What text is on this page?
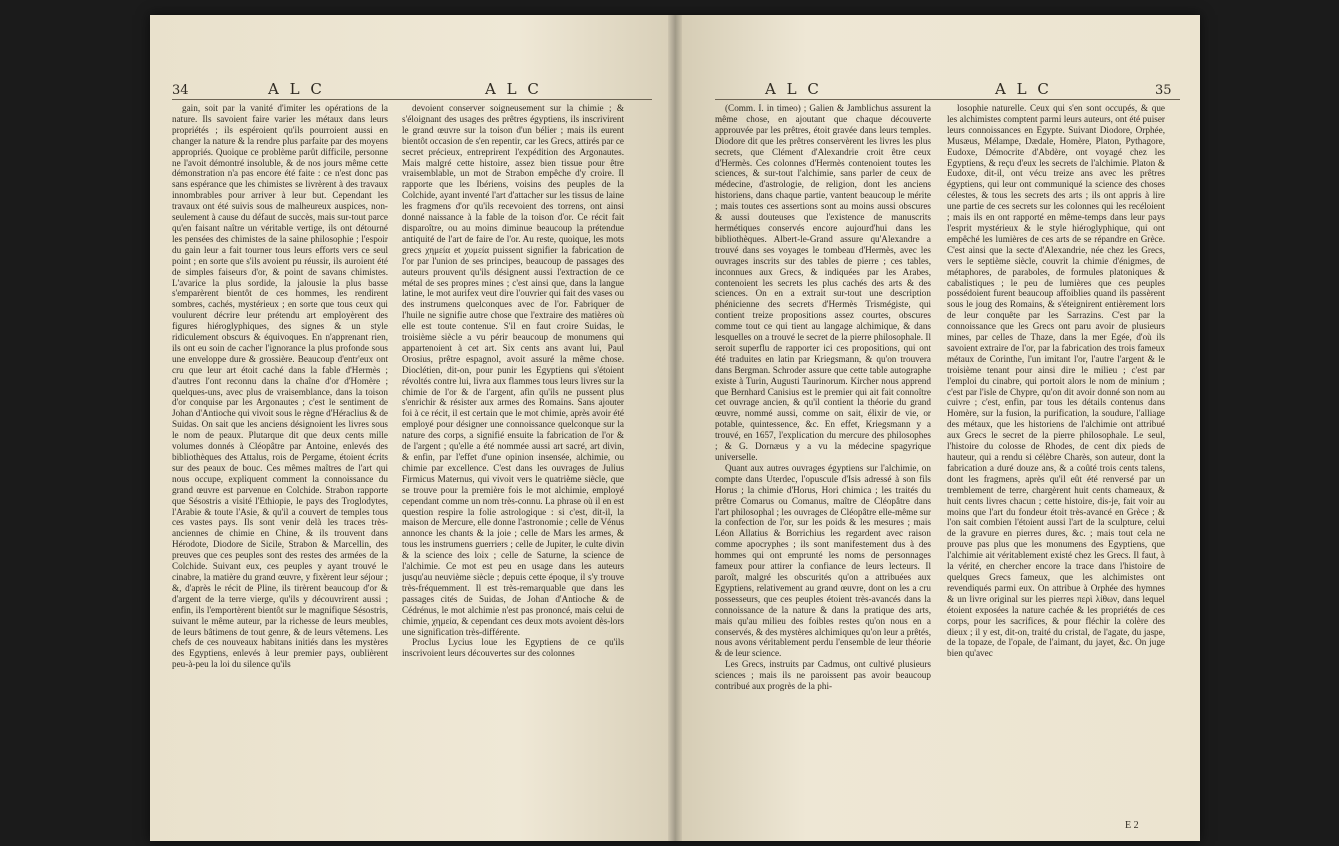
34	A L C	A L C

gain, soit par la vanité d'imiter les opérations de la nature. Ils savoient faire varier les métaux dans leurs propriétés ; ils espéroient qu'ils pourroient aussi en changer la nature & la rendre plus parfaite par des moyens appropriés. Quoique ce problème parût difficile, personne ne l'avoit démontré insoluble, & de nos jours même cette démonstration n'a pas encore été faite : ce n'est donc pas sans espérance que les chimistes se livrèrent à des travaux innombrables pour arriver à leur but. Cependant les travaux ont été suivis sous de malheureux auspices, non-seulement à cause du défaut de succès, mais sur-tout parce qu'en faisant naître un véritable vertige, ils ont détourné les pensées des chimistes de la saine philosophie ; l'espoir du gain leur a fait tourner tous leurs efforts vers ce seul point ; en sorte que s'ils avoient pu réussir, ils auroient été de simples faiseurs d'or, & point de savans chimistes. L'avarice la plus sordide, la jalousie la plus basse s'emparèrent bientôt de ces hommes, les rendirent sombres, cachés, mystérieux ; en sorte que tous ceux qui voulurent décrire leur prétendu art employèrent des figures hiéroglyphiques, des signes & un style ridiculement obscurs & équivoques. En n'apprenant rien, ils ont eu soin de cacher l'ignorance la plus profonde sous une enveloppe dure & grossière. Beaucoup d'entr'eux ont cru que leur art étoit caché dans la fable d'Hermès ; d'autres l'ont reconnu dans la chaîne d'or d'Homère ; quelques-uns, avec plus de vraisemblance, dans la toison d'or conquise par les Argonautes ; c'est le sentiment de Johan d'Antioche qui vivoit sous le règne d'Héraclius & de Suidas. On sait que les anciens désignoient les livres sous le nom de peaux. Plutarque dit que deux cents mille volumes donnés à Cléopâtre par Antoine, enlevés des bibliothèques des Attalus, rois de Pergame, étoient écrits sur des peaux de bouc. Ces mêmes maîtres de l'art qui nous occupe, expliquent comment la connoissance du grand œuvre est parvenue en Colchide. Strabon rapporte que Sésostris a visité l'Ethiopie, le pays des Troglodytes, l'Arabie & toute l'Asie, & qu'il a couvert de temples tous ces vastes pays. Ils sont venir delà les traces très-anciennes de chimie en Chine, & ils trouvent dans Hérodote, Diodore de Sicile, Strabon & Marcellin, des preuves que ces peuples sont des restes des armées de la Colchide. Suivant eux, ces peuples y ayant trouvé le cinabre, la matière du grand œuvre, y fixèrent leur séjour ; &, d'après le récit de Pline, ils tirèrent beaucoup d'or & d'argent de la terre vierge, qu'ils y découvrirent aussi ; enfin, ils l'emportèrent bientôt sur le magnifique Sésostris, suivant le même auteur, par la richesse de leurs meubles, de leurs bâtimens de tout genre, & de leurs vêtemens. Les chefs de ces nouveaux habitans initiés dans les mystères des Egyptiens, enlevés à leur premier pays, oublièrent peu-à-peu la loi du silence qu'ils

devoient conserver soigneusement sur la chimie ; & s'éloignant des usages des prêtres égyptiens, ils inscrivirent le grand œuvre sur la toison d'un bélier ; mais ils eurent bientôt occasion de s'en repentir, car les Grecs, attirés par ce secret précieux, entreprirent l'expédition des Argonautes. Mais malgré cette histoire, assez bien tissue pour être vraisemblable, un mot de Strabon empêche d'y croire. Il rapporte que les Ibériens, voisins des peuples de la Colchide, ayant inventé l'art d'attacher sur les tissus de laine les fragmens d'or qu'ils recevoient des torrens, ont ainsi donné naissance à la fable de la toison d'or. Ce récit fait disparoître, ou au moins diminue beaucoup la prétendue antiquité de l'art de faire de l'or. Au reste, quoique, les mots grecs χημεία et χυμεία puissent signifier la fabrication de l'or par l'union de ses principes, beaucoup de passages des auteurs prouvent qu'ils désignent aussi l'extraction de ce métal de ses propres mines ; c'est ainsi que, dans la langue latine, le mot aurifex veut dire l'ouvrier qui fait des vases ou des instrumens quelconques avec de l'or. Fabriquer de l'huile ne signifie autre chose que l'extraire des matières où elle est toute contenue. S'il en faut croire Suidas, le troisième siècle a vu périr beaucoup de monumens qui appartenoient à cet art. Six cents ans avant lui, Paul Orosius, prêtre espagnol, avoit assuré la même chose. Dioclétien, dit-on, pour punir les Egyptiens qui s'étoient révoltés contre lui, livra aux flammes tous leurs livres sur la chimie de l'or & de l'argent, afin qu'ils ne pussent plus s'enrichir & résister aux armes des Romains. Sans ajouter foi à ce récit, il est certain que le mot chimie, après avoir été employé pour désigner une connoissance quelconque sur la nature des corps, a signifié ensuite la fabrication de l'or & de l'argent ; qu'elle a été nommée aussi art sacré, art divin, & enfin, par l'effet d'une opinion insensée, alchimie, ou chimie par excellence. C'est dans les ouvrages de Julius Firmicus Maternus, qui vivoit vers le quatrième siècle, que se trouve pour la première fois le mot alchimie, employé cependant comme un nom très-connu. La phrase où il en est question respire la folie astrologique : si c'est, dit-il, la maison de Mercure, elle donne l'astronomie ; celle de Vénus annonce les chants & la joie ; celle de Mars les armes, & tous les instrumens guerriers ; celle de Jupiter, le culte divin & la science des loix ; celle de Saturne, la science de l'alchimie. Ce mot est peu en usage dans les auteurs jusqu'au neuvième siècle ; depuis cette époque, il s'y trouve très-fréquemment. Il est très-remarquable que dans les passages cités de Suidas, de Johan d'Antioche & de Cédrénus, le mot alchimie n'est pas prononcé, mais celui de chimie, χημεία, & cependant ces deux mots avoient dès-lors une signification très-différente.

Proclus Lycius loue les Egyptiens de ce qu'ils inscrivoient leurs découvertes sur des colonnes

A L C	A L C	35

(Comm. I. in timeo) ; Galien & Jamblichus assurent la même chose, en ajoutant que chaque découverte approuvée par les prêtres, étoit gravée dans leurs temples. Diodore dit que les prêtres conservèrent les livres les plus secrets, que Clément d'Alexandrie croit être ceux d'Hermès. Ces colonnes d'Hermès contenoient toutes les sciences, & sur-tout l'alchimie, sans parler de ceux de médecine, d'astrologie, de religion, dont les anciens historiens, dans chaque partie, vantent beaucoup le mérite ; mais toutes ces assertions sont au moins aussi obscures & aussi douteuses que l'existence de manuscrits hermétiques conservés encore aujourd'hui dans les bibliothèques. Albert-le-Grand assure qu'Alexandre a trouvé dans ses voyages le tombeau d'Hermès, avec les ouvrages inscrits sur des tables de pierre ; ces tables, inconnues aux Grecs, & indiquées par les Arabes, contenoient les secrets les plus cachés des arts & des sciences. On en a extrait sur-tout une description phénicienne des secrets d'Hermès Trismégiste, qui contient treize propositions assez courtes, obscures comme tout ce qui tient au langage alchimique, & dans lesquelles on a trouvé le secret de la pierre philosophale. Il seroit superflu de rapporter ici ces propositions, qui ont été traduites en latin par Kriegsmann, & qu'on trouvera dans Bergman. Schroder assure que cette table autographe existe à Turin, Augusti Taurinorum. Kircher nous apprend que Bernhard Canisius est le premier qui ait fait connoître cet ouvrage ancien, & qu'il contient la théorie du grand œuvre, nommé aussi, comme on sait, élixir de vie, or potable, quintessence, &c. En effet, Kriegsmann y a trouvé, en 1657, l'explication du mercure des philosophes ; & G. Dornæus y a vu la médecine spagyrique universelle.

Quant aux autres ouvrages égyptiens sur l'alchimie, on compte dans Uterdec, l'opuscule d'Isis adressé à son fils Horus ; la chimie d'Horus, Hori chimica ; les traités du prêtre Comarus ou Comanus, maître de Cléopâtre dans l'art philosophal ; les ouvrages de Cléopâtre elle-même sur la confection de l'or, sur les poids & les mesures ; mais Léon Allatius & Borrichius les regardent avec raison comme apocryphes ; ils sont manifestement dus à des hommes qui ont emprunté les noms de personnages fameux pour attirer la confiance de leurs lecteurs. Il paroît, malgré les obscurités qu'on a attribuées aux Egyptiens, relativement au grand œuvre, dont on les a cru possesseurs, que ces peuples étoient très-avancés dans la connoissance de la nature & dans la pratique des arts, mais qu'au milieu des foibles restes qu'on nous en a conservés, & des mystères alchimiques qu'on leur a prêtés, nous avons véritablement perdu l'ensemble de leur théorie & de leur science.

Les Grecs, instruits par Cadmus, ont cultivé plusieurs sciences ; mais ils ne paroissent pas avoir beaucoup contribué aux progrès de la phi-

losophie naturelle. Ceux qui s'en sont occupés, & que les alchimistes comptent parmi leurs auteurs, ont été puiser leurs connoissances en Egypte. Suivant Diodore, Orphée, Musæus, Mélampe, Dædale, Homère, Platon, Pythagore, Eudoxe, Démocrite d'Abdère, ont voyagé chez les Egyptiens, & reçu d'eux les secrets de l'alchimie. Platon & Eudoxe, dit-il, ont vécu treize ans avec les prêtres égyptiens, qui leur ont communiqué la science des choses célestes, & tous les secrets des arts ; ils ont appris à lire une partie de ces secrets sur les colonnes qui les recéloient ; mais ils en ont rapporté en même-temps dans leur pays l'esprit mystérieux & le style hiéroglyphique, qui ont empêché les lumières de ces arts de se répandre en Grèce. C'est ainsi que la secte d'Alexandrie, née chez les Grecs, vers le septième siècle, couvrit la chimie d'énigmes, de métaphores, de paraboles, de formules platoniques & cabalistiques ; le peu de lumières que ces peuples possédoient furent beaucoup affoiblies quand ils passèrent sous le joug des Romains, & s'éteignirent entièrement lors de leur conquête par les Sarrazins. C'est par la connoissance que les Grecs ont paru avoir de plusieurs mines, par celles de Thaze, dans la mer Egée, d'où ils savoient extraire de l'or, par la fabrication des trois fameux métaux de Corinthe, l'un imitant l'or, l'autre l'argent & le troisième tenant pour ainsi dire le milieu ; c'est par l'emploi du cinabre, qui portoit alors le nom de minium ; c'est par l'isle de Chypre, qu'on dit avoir donné son nom au cuivre ; c'est, enfin, par tous les détails contenus dans Homère, sur la fusion, la purification, la soudure, l'alliage des métaux, que les historiens de l'alchimie ont attribué aux Grecs le secret de la pierre philosophale. Le seul, l'histoire du colosse de Rhodes, de cent dix pieds de hauteur, qui a rendu si célèbre Charès, son auteur, dont la fabrication a duré douze ans, & a coûté trois cents talens, dont les fragmens, après qu'il eût été renversé par un tremblement de terre, chargèrent huit cents chameaux, & huit cents livres chacun ; cette histoire, dis-je, fait voir au moins que l'art du fondeur étoit très-avancé en Grèce ; & l'on sait combien l'étoient aussi l'art de la sculpture, celui de la gravure en pierres dures, &c. ; mais tout cela ne prouve pas plus que les monumens des Egyptiens, que l'alchimie ait véritablement existé chez les Grecs. Il faut, à la vérité, en chercher encore la trace dans l'histoire de quelques Grecs fameux, que les alchimistes ont revendiqués parmi eux. On attribue à Orphée des hymnes & un livre original sur les pierres περὶ λίθων, dans lequel étoient exposées la nature cachée & les propriétés de ces corps, pour les sacrifices, & pour fléchir la colère des dieux ; il y est, dit-on, traité du cristal, de l'agate, du jaspe, de la topaze, de l'opale, de l'aimant, du jayet, &c. On juge bien qu'avec

E 2
